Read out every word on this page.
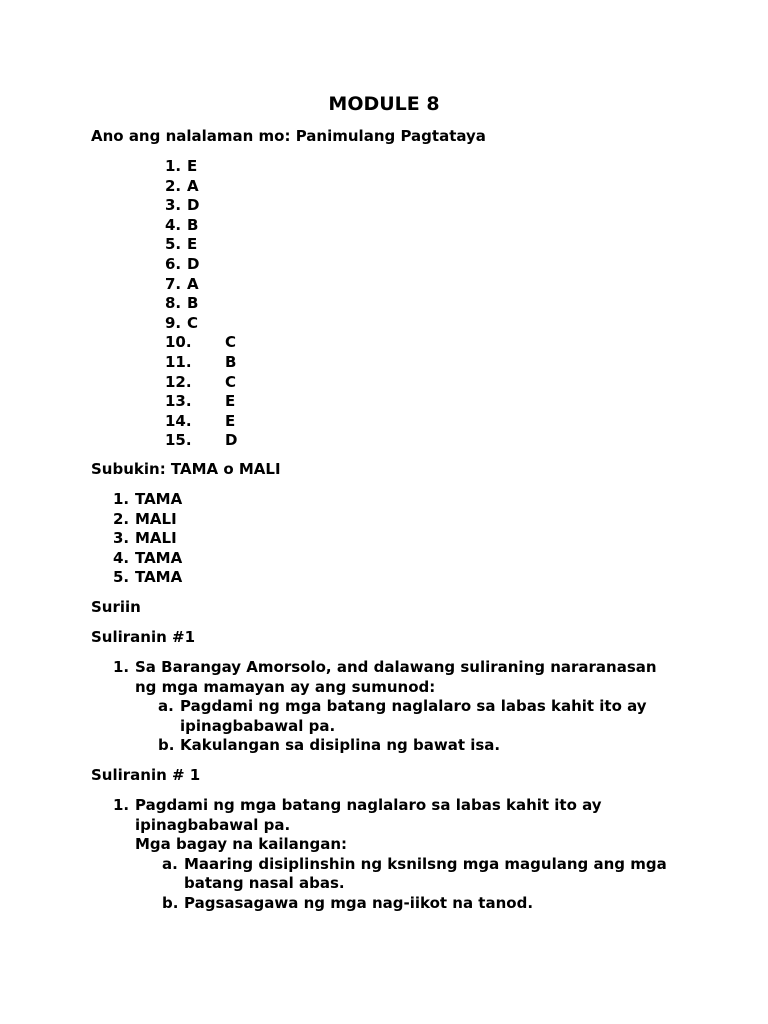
MODULE 8
Ano ang nalalaman mo: Panimulang Pagtataya
1. E
2. A
3. D
4. B
5. E
6. D
7. A
8. B
9. C
10. C
11. B
12. C
13. E
14. E
15. D
Subukin: TAMA o MALI
1. TAMA
2. MALI
3. MALI
4. TAMA
5. TAMA
Suriin
Suliranin #1
1. Sa Barangay Amorsolo, and dalawang suliraning nararanasan
ng mga mamayan ay ang sumunod:
a. Pagdami ng mga batang naglalaro sa labas kahit ito ay
ipinagbabawal pa.
b. Kakulangan sa disiplina ng bawat isa.
Suliranin # 1
1. Pagdami ng mga batang naglalaro sa labas kahit ito ay
ipinagbabawal pa.
Mga bagay na kailangan:
a. Maaring disiplinshin ng ksnilsng mga magulang ang mga
batang nasal abas.
b. Pagsasagawa ng mga nag-iikot na tanod.
